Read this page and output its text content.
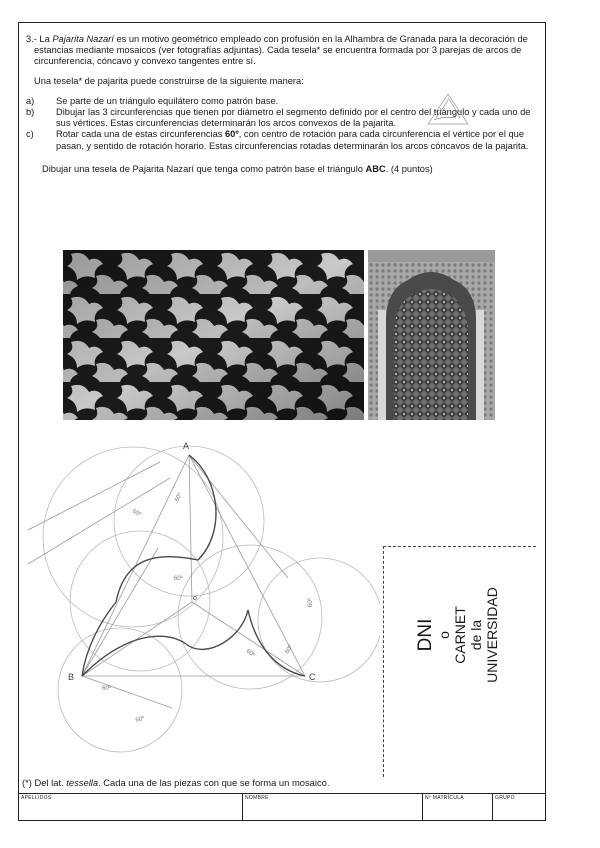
3.- La Pajarita Nazarí es un motivo geométrico empleado con profusión en la Alhambra de Granada para la decoración de estancias mediante mosaicos (ver fotografías adjuntas). Cada tesela* se encuentra formada por 3 parejas de arcos de circunferencia, cóncavo y convexo tangentes entre sí.

Una tesela* de pajarita puede construirse de la siguiente manera:

a)	Se parte de un triángulo equilátero como patrón base.
b)	Dibujar las 3 circunferencias que tienen por diámetro el segmento definido por el centro del triángulo y cada uno de sus vértices. Estas circunferencias determinarán los arcos convexos de la pajarita.
c)	Rotar cada una de estas circunferencias 60º, con centro de rotación para cada circunferencia el vértice por el que pasan, y sentido de rotación horario. Estas circunferencias rotadas determinarán los arcos cóncavos de la pajarita.

Dibujar una tesela de Pajarita Nazarí que tenga como patrón base el triángulo ABC. (4 puntos)

A
B	C
o
60º
60º
60º
60º
60º
60º	60º
60º
DNI o CARNET de la UNIVERSIDAD
(*) Del lat. tessella. Cada una de las piezas con que se forma un mosaico.
APELLIDOS	NOMBRE	Nº MATRÍCULA	GRUPO
